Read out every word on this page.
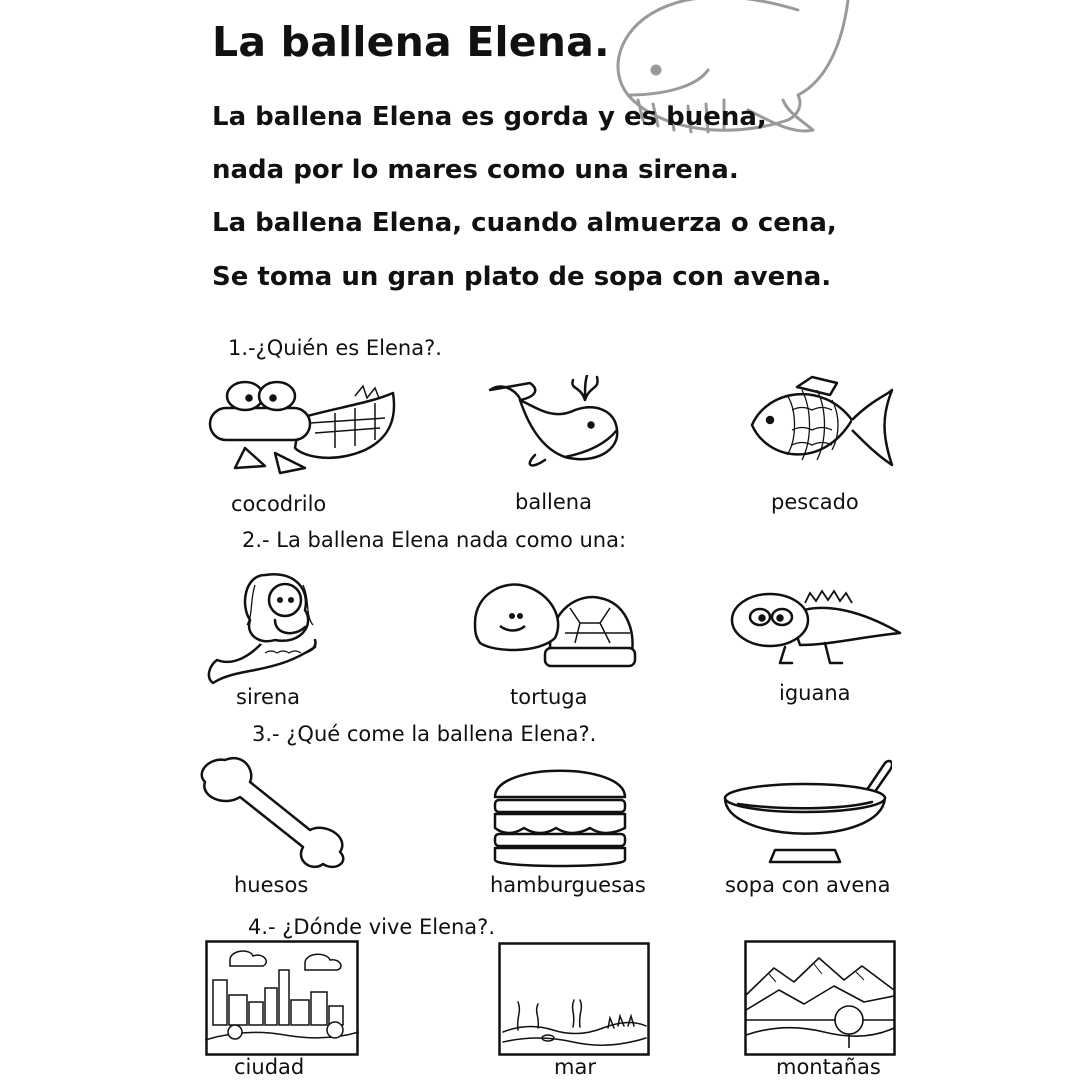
La ballena Elena.
La ballena Elena es gorda y es buena,
nada por lo mares como una sirena.
La ballena Elena, cuando almuerza o cena,
Se toma un gran plato de sopa con avena.
1.-¿Quién es Elena?.
cocodrilo	ballena	pescado
2.- La ballena Elena nada como una:
sirena	tortuga	iguana
3.- ¿Qué come la ballena Elena?.
huesos	hamburguesas	sopa con avena
4.- ¿Dónde vive Elena?.
ciudad	mar	montañas
